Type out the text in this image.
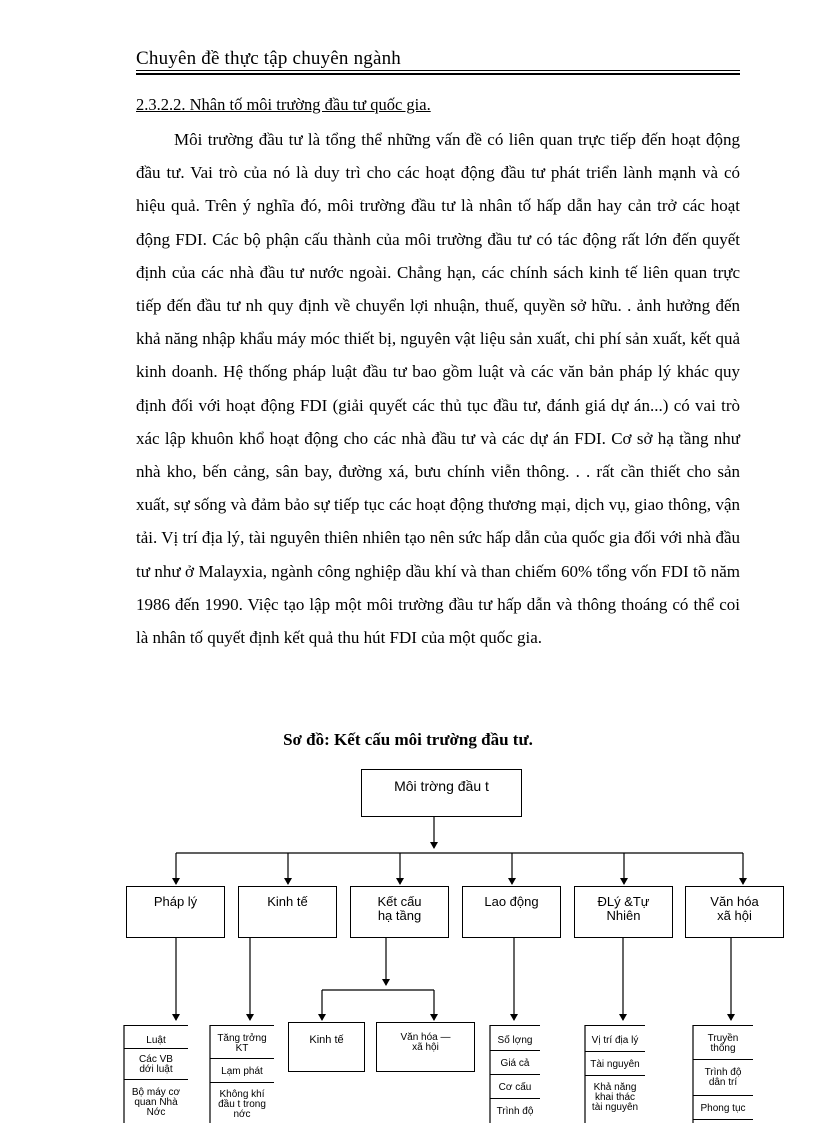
Chuyên đề thực tập chuyên ngành
2.3.2.2. Nhân tố môi trường đầu tư quốc gia.

Môi trường đầu tư là tổng thể những vấn đề có liên quan trực tiếp đến hoạt động đầu tư. Vai trò của nó là duy trì cho các hoạt động đầu tư phát triển lành mạnh và có hiệu quả. Trên ý nghĩa đó, môi trường đầu tư là nhân tố hấp dẫn hay cản trở các hoạt động FDI. Các bộ phận cấu thành của môi trường đầu tư có tác động rất lớn đến quyết định của các nhà đầu tư nước ngoài. Chẳng hạn, các chính sách kinh tế liên quan trực tiếp đến đầu tư nh quy định về chuyển lợi nhuận, thuế, quyền sở hữu. . ảnh hưởng đến khả năng nhập khẩu máy móc thiết bị, nguyên vật liệu sản xuất, chi phí sản xuất, kết quả kinh doanh. Hệ thống pháp luật đầu tư bao gồm luật và các văn bản pháp lý khác quy định đối với hoạt động FDI (giải quyết các thủ tục đầu tư, đánh giá dự án...) có vai trò xác lập khuôn khổ hoạt động cho các nhà đầu tư và các dự án FDI. Cơ sở hạ tầng như nhà kho, bến cảng, sân bay, đường xá, bưu chính viễn thông. . . rất cần thiết cho sản xuất, sự sống và đảm bảo sự tiếp tục các hoạt động thương mại, dịch vụ, giao thông, vận tải. Vị trí địa lý, tài nguyên thiên nhiên tạo nên sức hấp dẫn của quốc gia đối với nhà đầu tư như ở Malayxia, ngành công nghiệp dầu khí và than chiếm 60% tổng vốn FDI tõ năm 1986 đến 1990. Việc tạo lập một môi trường đầu tư hấp dẫn và thông thoáng có thể coi là nhân tố quyết định kết quả thu hút FDI của một quốc gia.

Sơ đồ: Kết cấu môi trường đầu tư.
Môi trờng đầu t
Pháp lý	Kinh tế	Kết cấu
hạ tầng
Lao động	ĐLý &Tự
Nhiên
Văn hóa
xã hội
Kinh tế	Văn hóa —
xã hội
Luật
Các VB
dới luật
Bộ máy cơ
quan Nhà
Nớc
Tăng trởng
KT
Lạm phát
Không khí
đầu t trong
nớc
Số lợng
Giá cả
Cơ cấu
Trình độ
Vị trí địa lý
Tài nguyên
Khả năng
khai thác
tài nguyên
Truyền
thống
Trình độ
dân trí
Phong tục
